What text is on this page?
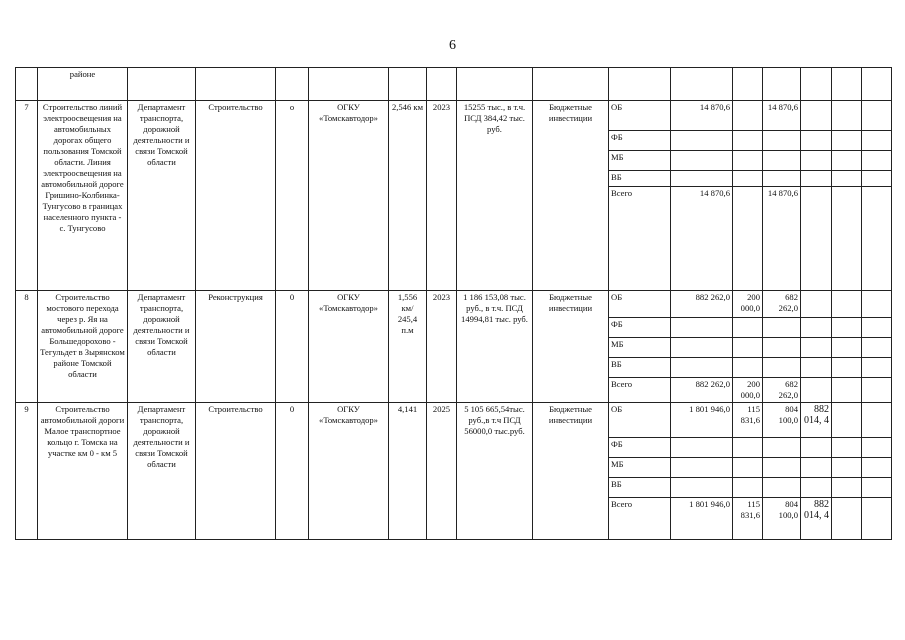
6
	районе															
7	Строительство линий электроосвещения на автомобильных дорогах общего пользования Томской области. Линия электроосвещения на автомобильной дороге Гришино-Колбинка-Тунгусово в границах населенного пункта - с. Тунгусово	Департамент транспорта, дорожной деятельности и связи Томской области	Строительство	о	ОГКУ «Томскавтодор»	2,546 км	2023	15255 тыс., в т.ч. ПСД 384,42 тыс. руб.	Бюджетные инвестиции	ОБ	14 870,6		14 870,6			
										ФБ						
										МБ						
										ВБ						
										Всего	14 870,6		14 870,6			
8	Строительство мостового перехода через р. Яя на автомобильной дороге Большедорохово - Тегульдет в Зырянском районе Томской области	Департамент транспорта, дорожной деятельности и связи Томской области	Реконструкция	0	ОГКУ «Томскавтодор»	1,556 км/ 245,4 п.м	2023	1 186 153,08 тыс. руб., в т.ч. ПСД 14994,81 тыс. руб.	Бюджетные инвестиции	ОБ	882 262,0	200 000,0	682 262,0			
										ФБ						
										МБ						
										ВБ						
										Всего	882 262,0	200 000,0	682 262,0			
9	Строительство автомобильной дороги Малое транспортное кольцо г. Томска на участке км 0 - км 5	Департамент транспорта, дорожной деятельности и связи Томской области	Строительство	0	ОГКУ «Томскавтодор»	4,141	2025	5 105 665,54тыс. руб.,в т.ч ПСД 56000,0 тыс.руб.	Бюджетные инвестиции	ОБ	1 801 946,0	115 831,6	804 100,0	882 014, 4		
										ФБ						
										МБ						
										ВБ						
										Всего	1 801 946,0	115 831,6	804 100,0	882 014, 4		
